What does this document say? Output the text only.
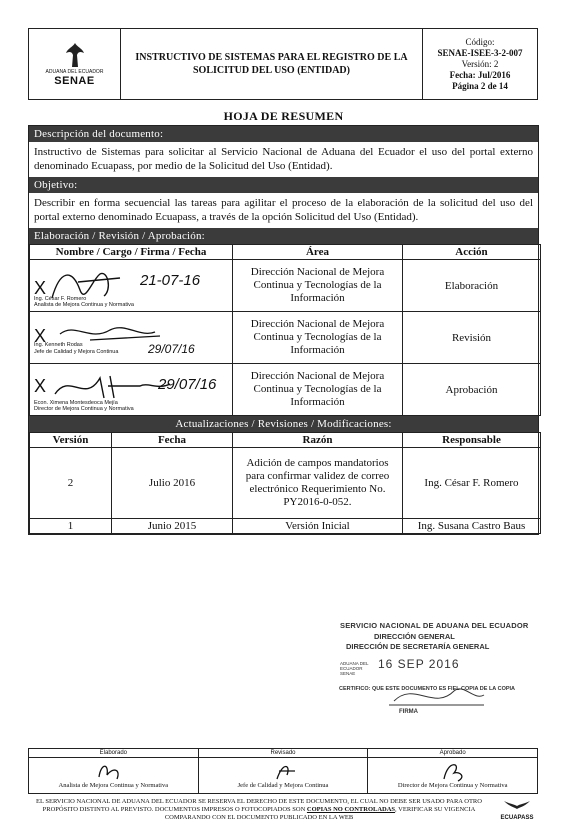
ADUANA DEL ECUADOR
SENAE
INSTRUCTIVO DE SISTEMAS PARA EL REGISTRO DE LA SOLICITUD DEL USO (ENTIDAD)
Código:
SENAE-ISEE-3-2-007
Versión: 2
Fecha: Jul/2016
Página 2 de 14
HOJA DE RESUMEN
Descripción del documento:
Instructivo de Sistemas para solicitar al Servicio Nacional de Aduana del Ecuador el uso del portal externo denominado Ecuapass, por medio de la Solicitud del Uso (Entidad).
Objetivo:
Describir en forma secuencial las tareas para agilitar el proceso de la elaboración de la solicitud del uso del portal externo denominado Ecuapass, a través de la opción Solicitud del Uso (Entidad).
Elaboración / Revisión / Aprobación:
Nombre / Cargo / Firma / Fecha	Área	Acción

X 21-07-16
Ing. César F. Romero
Analista de Mejora Continua y Normativa	Dirección Nacional de Mejora Continua y Tecnologías de la Información	Elaboración

X
29/07/16
Ing. Kenneth Rodas
Jefe de Calidad y Mejora Continua	Dirección Nacional de Mejora Continua y Tecnologías de la Información	Revisión

X 29/07/16
Econ. Ximena Montesdeoca Mejía
Director de Mejora Continua y Normativa	Dirección Nacional de Mejora Continua y Tecnologías de la Información	Aprobación
Actualizaciones / Revisiones / Modificaciones:
Versión	Fecha	Razón	Responsable
2	Julio 2016	Adición de campos mandatorios para confirmar validez de correo electrónico Requerimiento No. PY2016-0-052.	Ing. César F. Romero
1	Junio 2015	Versión Inicial	Ing. Susana Castro Baus
SERVICIO NACIONAL DE ADUANA DEL ECUADOR
DIRECCIÓN GENERAL
DIRECCIÓN DE SECRETARÍA GENERAL
16 SEP 2016
ADUANA DEL ECUADOR SENAE
CERTIFICO: QUE ESTE DOCUMENTO ES FIEL COPIA DE LA COPIA
FIRMA
Elaborado
Analista de Mejora Continua y Normativa
Revisado
Jefe de Calidad y Mejora Continua
Aprobado
Director de Mejora Continua y Normativa
EL SERVICIO NACIONAL DE ADUANA DEL ECUADOR SE RESERVA EL DERECHO DE ESTE DOCUMENTO, EL CUAL NO DEBE SER USADO PARA OTRO PROPÓSITO DISTINTO AL PREVISTO. DOCUMENTOS IMPRESOS O FOTOCOPIADOS SON COPIAS NO CONTROLADAS, VERIFICAR SU VIGENCIA COMPARANDO CON EL DOCUMENTO PUBLICADO EN LA WEB	ECUAPASS
